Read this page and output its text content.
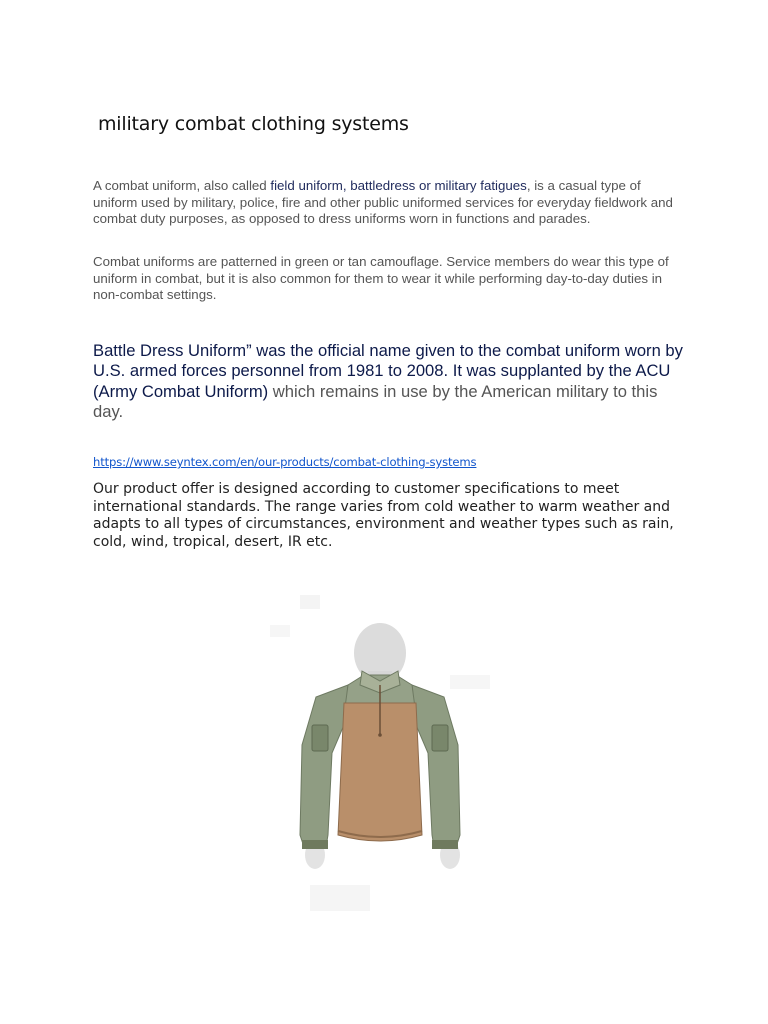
military combat clothing systems
A combat uniform, also called field uniform, battledress or military fatigues, is a casual type of uniform used by military, police, fire and other public uniformed services for everyday fieldwork and combat duty purposes, as opposed to dress uniforms worn in functions and parades.
Combat uniforms are patterned in green or tan camouflage. Service members do wear this type of uniform in combat, but it is also common for them to wear it while performing day-to-day duties in non-combat settings.
Battle Dress Uniform” was the official name given to the combat uniform worn by U.S. armed forces personnel from 1981 to 2008. It was supplanted by the ACU (Army Combat Uniform) which remains in use by the American military to this day.
https://www.seyntex.com/en/our-products/combat-clothing-systems
Our product offer is designed according to customer specifications to meet international standards. The range varies from cold weather to warm weather and adapts to all types of circumstances, environment and weather types such as rain, cold, wind, tropical, desert, IR etc.
